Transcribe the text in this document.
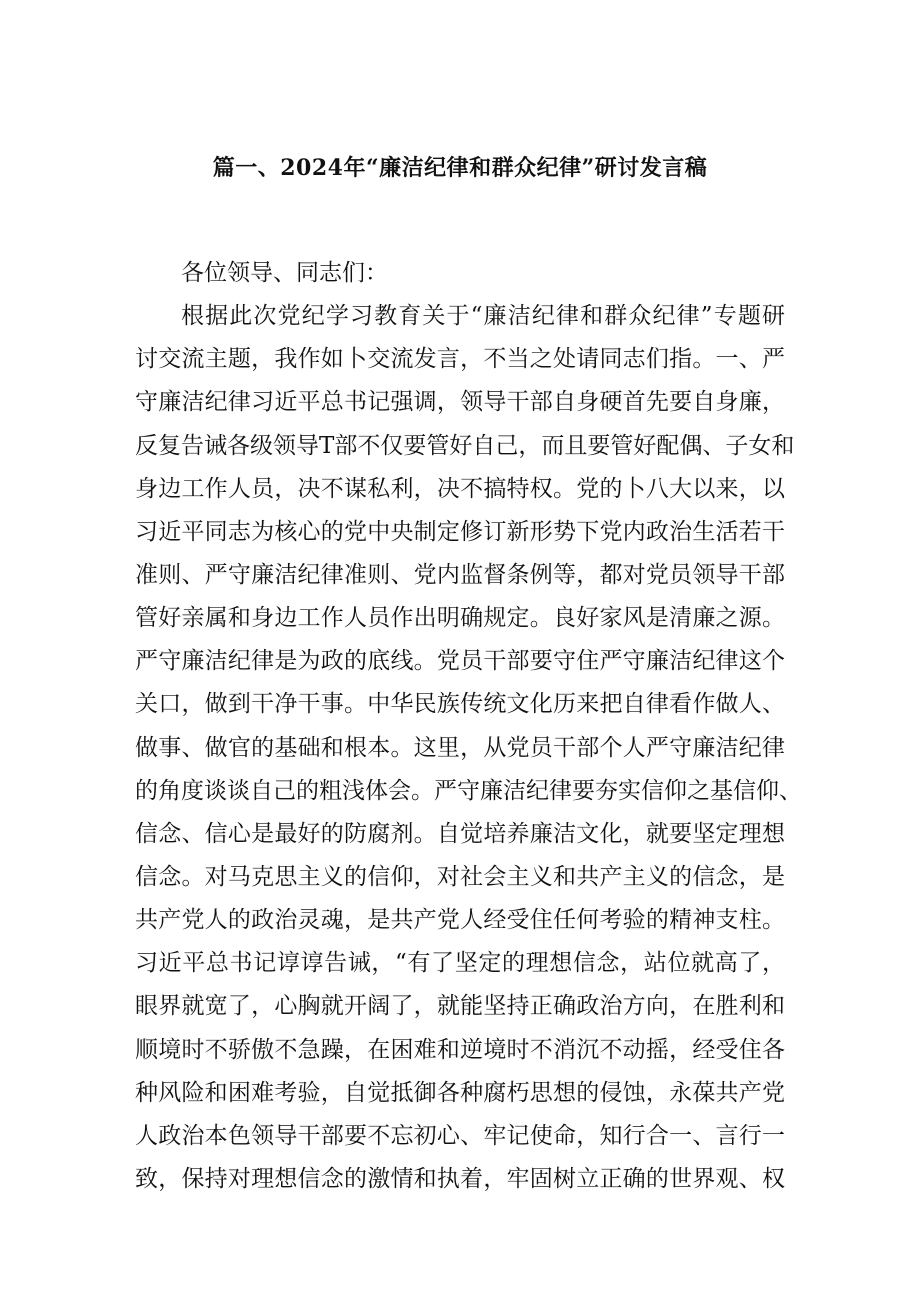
篇一、2024年“廉洁纪律和群众纪律”研讨发言稿
各位领导、同志们：
根据此次党纪学习教育关于“廉洁纪律和群众纪律”专题研
讨交流主题，我作如卜交流发言，不当之处请同志们指。一、严
守廉洁纪律习近平总书记强调，领导干部自身硬首先要自身廉，
反复告诫各级领导T部不仅要管好自己，而且要管好配偶、子女和
身边工作人员，决不谋私利，决不搞特权。党的卜八大以来，以
习近平同志为核心的党中央制定修订新形势下党内政治生活若干
准则、严守廉洁纪律准则、党内监督条例等，都对党员领导干部
管好亲属和身边工作人员作出明确规定。良好家风是清廉之源。
严守廉洁纪律是为政的底线。党员干部要守住严守廉洁纪律这个
关口，做到干净干事。中华民族传统文化历来把自律看作做人、
做事、做官的基础和根本。这里，从党员干部个人严守廉洁纪律
的角度谈谈自己的粗浅体会。严守廉洁纪律要夯实信仰之基信仰、
信念、信心是最好的防腐剂。自觉培养廉洁文化，就要坚定理想
信念。对马克思主义的信仰，对社会主义和共产主义的信念，是
共产党人的政治灵魂，是共产党人经受住任何考验的精神支柱。
习近平总书记谆谆告诫，“有了坚定的理想信念，站位就高了，
眼界就宽了，心胸就开阔了，就能坚持正确政治方向，在胜利和
顺境时不骄傲不急躁，在困难和逆境时不消沉不动摇，经受住各
种风险和困难考验，自觉抵御各种腐朽思想的侵蚀，永葆共产党
人政治本色领导干部要不忘初心、牢记使命，知行合一、言行一
致，保持对理想信念的激情和执着，牢固树立正确的世界观、权
